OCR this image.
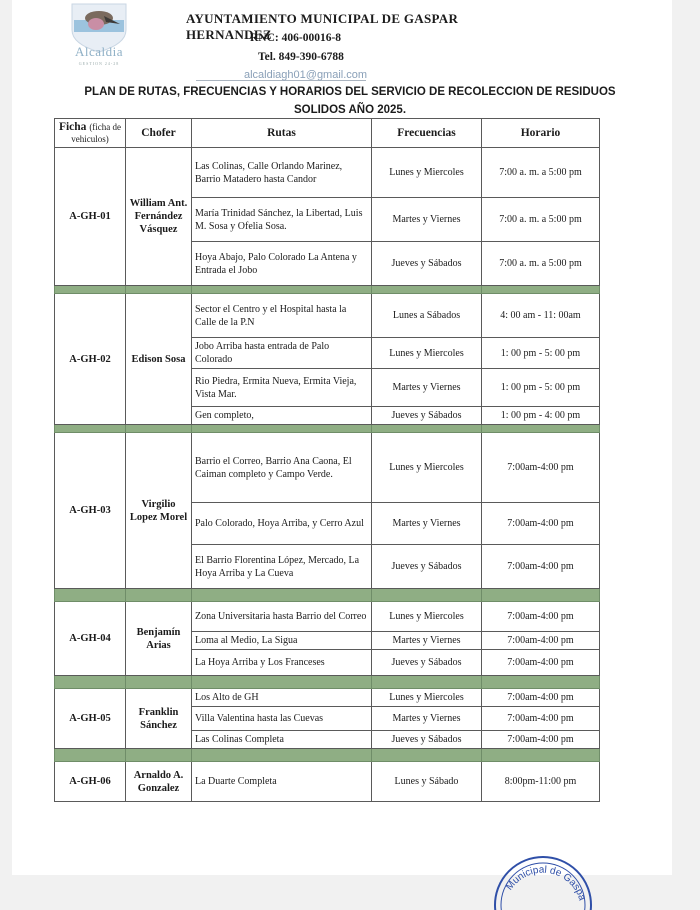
Alcaldia
GESTION 24-28
AYUNTAMIENTO MUNICIPAL DE GASPAR HERNANDEZ
RNC: 406-00016-8
Tel. 849-390-6788
alcaldiagh01@gmail.com
PLAN DE RUTAS, FRECUENCIAS Y HORARIOS DEL SERVICIO DE RECOLECCION DE RESIDUOS
SOLIDOS AÑO 2025.
Ficha (ficha de vehiculos)	Chofer	Rutas	Frecuencias	Horario
A-GH-01	William Ant. Fernández Vásquez	Las Colinas, Calle Orlando Marinez, Barrio Matadero hasta Candor	Lunes y Miercoles	7:00 a. m. a 5:00 pm
		María Trinidad Sánchez, la Libertad, Luis M. Sosa y Ofelia Sosa.	Martes y Viernes	7:00 a. m. a 5:00 pm
		Hoya Abajo, Palo Colorado La Antena y Entrada el Jobo	Jueves y Sábados	7:00 a. m. a 5:00 pm

A-GH-02	Edison Sosa	Sector el Centro y el Hospital hasta la Calle de la P.N	Lunes a Sábados	4: 00 am - 11: 00am
		Jobo Arriba hasta entrada de Palo Colorado	Lunes y Miercoles	1: 00 pm - 5: 00 pm
		Rio Piedra, Ermita Nueva, Ermita Vieja, Vista Mar.	Martes y Viernes	1: 00 pm - 5: 00 pm
		Gen completo,	Jueves y Sábados	1: 00 pm - 4: 00 pm

A-GH-03	Virgilio Lopez Morel	Barrio el Correo, Barrio Ana Caona, El Caiman completo y Campo Verde.	Lunes y Miercoles	7:00am-4:00 pm
		Palo Colorado, Hoya Arriba, y Cerro Azul	Martes y Viernes	7:00am-4:00 pm
		El Barrio Florentina López, Mercado, La Hoya Arriba y La Cueva	Jueves y Sábados	7:00am-4:00 pm

A-GH-04	Benjamín Arias	Zona Universitaria hasta Barrio del Correo	Lunes y Miercoles	7:00am-4:00 pm
		Loma al Medio, La Sigua	Martes y Viernes	7:00am-4:00 pm
		La Hoya Arriba y Los Franceses	Jueves y Sábados	7:00am-4:00 pm

A-GH-05	Franklin Sánchez	Los Alto de GH	Lunes y Miercoles	7:00am-4:00 pm
		Villa Valentina hasta las Cuevas	Martes y Viernes	7:00am-4:00 pm
		Las Colinas Completa	Jueves y Sábados	7:00am-4:00 pm

A-GH-06	Arnaldo A. Gonzalez	La Duarte Completa	Lunes y Sábado	8:00pm-11:00 pm
Municipal de Gaspa
